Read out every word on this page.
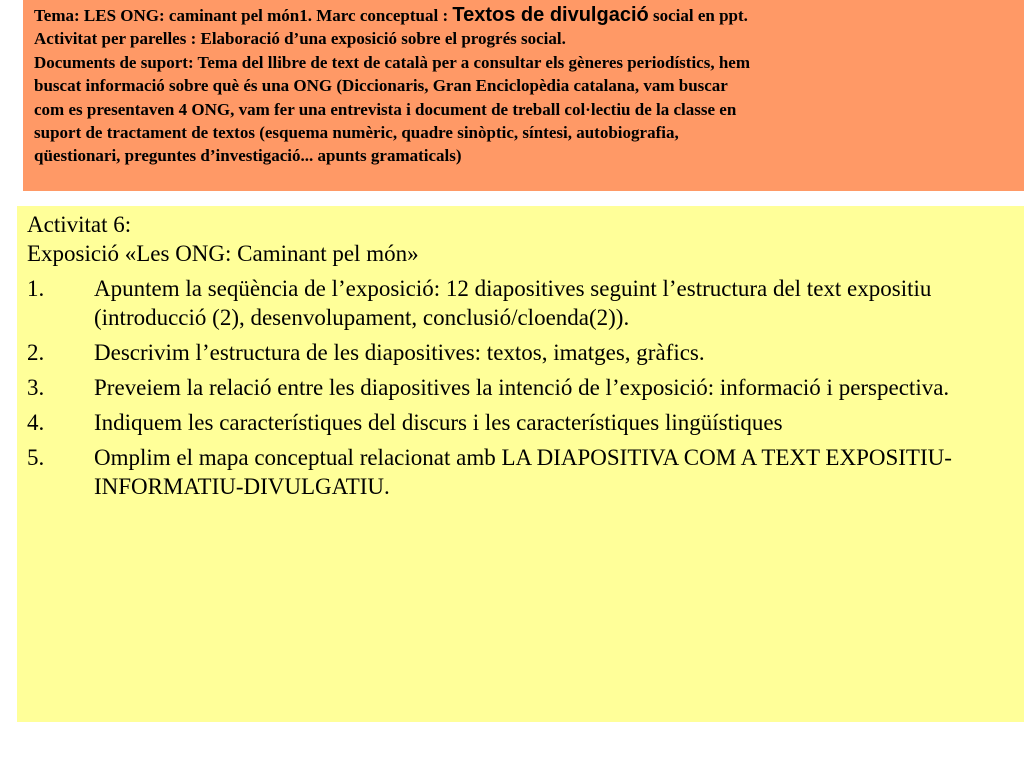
Tema: LES ONG: caminant pel món1. Marc conceptual : Textos de divulgació social en ppt.
Activitat per parelles : Elaboració d’una exposició sobre el progrés social.
Documents de suport: Tema del llibre de text de català per a consultar els gèneres periodístics, hem
buscat informació sobre què és una ONG (Diccionaris, Gran Enciclopèdia catalana, vam buscar
com es presentaven 4 ONG, vam fer una entrevista i document de treball col·lectiu de la classe en
suport de tractament de textos (esquema numèric, quadre sinòptic, síntesi, autobiografia,
qüestionari, preguntes d’investigació... apunts gramaticals)
Activitat 6:
Exposició «Les ONG: Caminant pel món»
1. Apuntem la seqüència de l’exposició: 12 diapositives seguint l’estructura del text expositiu (introducció (2), desenvolupament, conclusió/cloenda(2)).
2. Descrivim l’estructura de les diapositives: textos, imatges, gràfics.
3. Preveiem la relació entre les diapositives la intenció de l’exposició: informació i perspectiva.
4. Indiquem les característiques del discurs i les característiques lingüístiques
5. Omplim el mapa conceptual relacionat amb LA DIAPOSITIVA COM A TEXT EXPOSITIU-INFORMATIU-DIVULGATIU.
